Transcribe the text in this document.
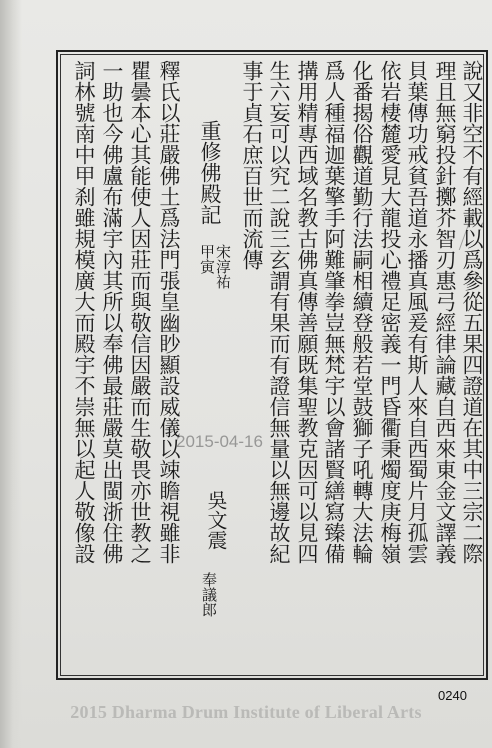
說又非空不有經載以爲參從五果四證道在其中三宗二際
理且無窮投針擲芥智刃惠弓經律論藏自西來東金文譯義
貝葉傳功戒貧吾道永播真風爰有斯人來自西蜀片月孤雲
依岩棲麓愛見大龍投心禮足密義一門昏衢秉燭度庚梅嶺
化番揭俗觀道勤行法嗣相續登般若堂鼓獅子吼轉大法輪
爲人種福迦葉擎手阿難肇拳豈無梵宇以會諸賢繕寫臻備
搆用精專西域名教古佛真傳善願既集聖教克因可以見四
生六妄可以究二說三玄謂有果而有證信無量以無邊故紀
事于貞石庶百世而流傳
重修佛殿記
宋淳祐
甲寅
吳文震
奉議郎
釋氏以莊嚴佛土爲法門張皇幽眇顯設威儀以竦瞻視雖非
瞿曇本心其能使人因莊而與敬信因嚴而生敬畏亦世教之
一助也今佛盧布滿宇內其所以奉佛最莊嚴莫出閩浙住佛
詞林號南中甲刹雖規模廣大而殿宇不崇無以起人敬像設	2015-04-16
0240
2015 Dharma Drum Institute of Liberal Arts
